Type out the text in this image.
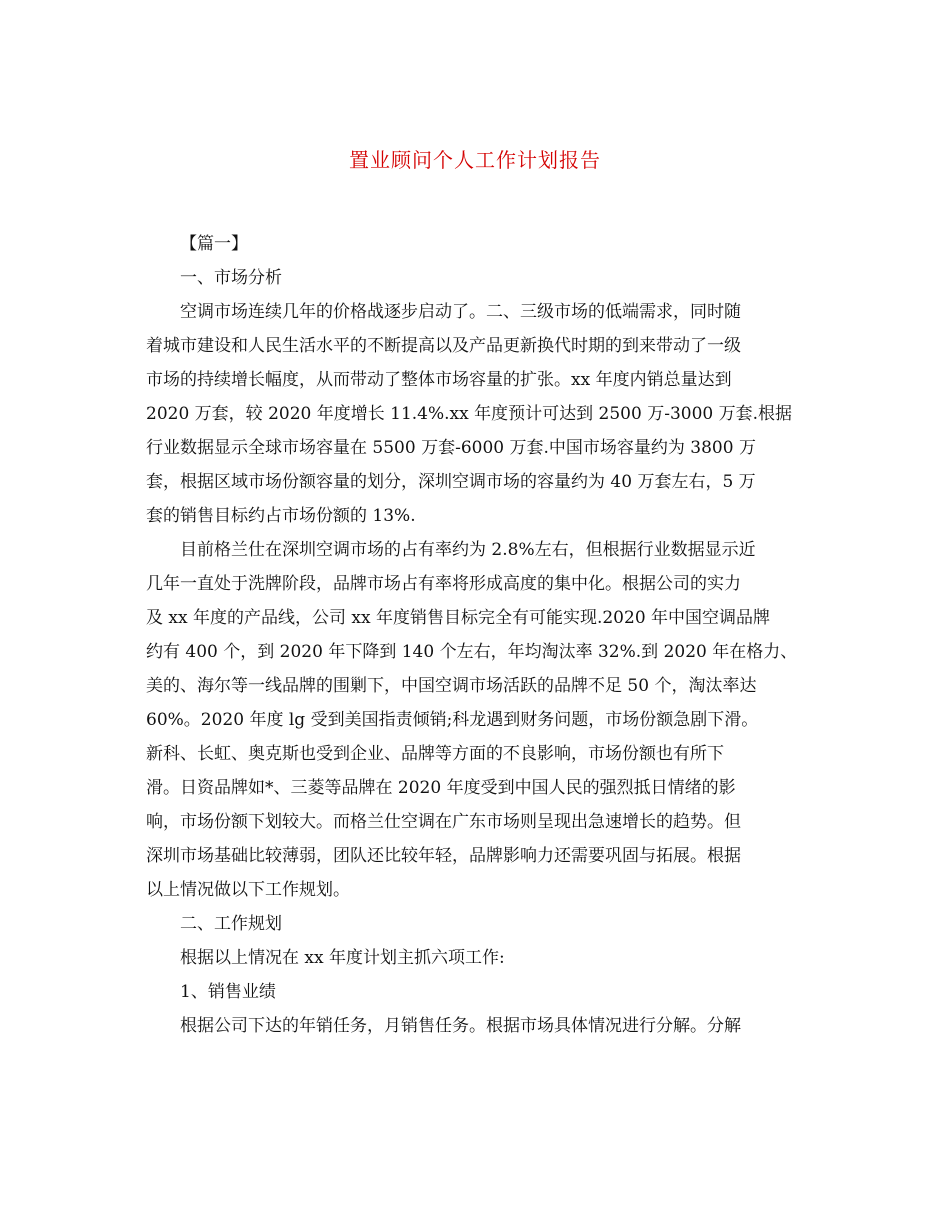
置业顾问个人工作计划报告
【篇一】
一、市场分析
空调市场连续几年的价格战逐步启动了。二、三级市场的低端需求，同时随
着城市建设和人民生活水平的不断提高以及产品更新换代时期的到来带动了一级
市场的持续增长幅度，从而带动了整体市场容量的扩张。xx 年度内销总量达到
2020 万套，较 2020 年度增长 11.4%.xx 年度预计可达到 2500 万-3000 万套.根据
行业数据显示全球市场容量在 5500 万套-6000 万套.中国市场容量约为 3800 万
套，根据区域市场份额容量的划分，深圳空调市场的容量约为 40 万套左右，5 万
套的销售目标约占市场份额的 13%.
目前格兰仕在深圳空调市场的占有率约为 2.8%左右，但根据行业数据显示近
几年一直处于洗牌阶段，品牌市场占有率将形成高度的集中化。根据公司的实力
及 xx 年度的产品线，公司 xx 年度销售目标完全有可能实现.2020 年中国空调品牌
约有 400 个，到 2020 年下降到 140 个左右，年均淘汰率 32%.到 2020 年在格力、
美的、海尔等一线品牌的围剿下，中国空调市场活跃的品牌不足 50 个，淘汰率达
60%。2020 年度 lg 受到美国指责倾销;科龙遇到财务问题，市场份额急剧下滑。
新科、长虹、奥克斯也受到企业、品牌等方面的不良影响，市场份额也有所下
滑。日资品牌如*、三菱等品牌在 2020 年度受到中国人民的强烈抵日情绪的影
响，市场份额下划较大。而格兰仕空调在广东市场则呈现出急速增长的趋势。但
深圳市场基础比较薄弱，团队还比较年轻，品牌影响力还需要巩固与拓展。根据
以上情况做以下工作规划。
二、工作规划
根据以上情况在 xx 年度计划主抓六项工作:
1、销售业绩
根据公司下达的年销任务，月销售任务。根据市场具体情况进行分解。分解
